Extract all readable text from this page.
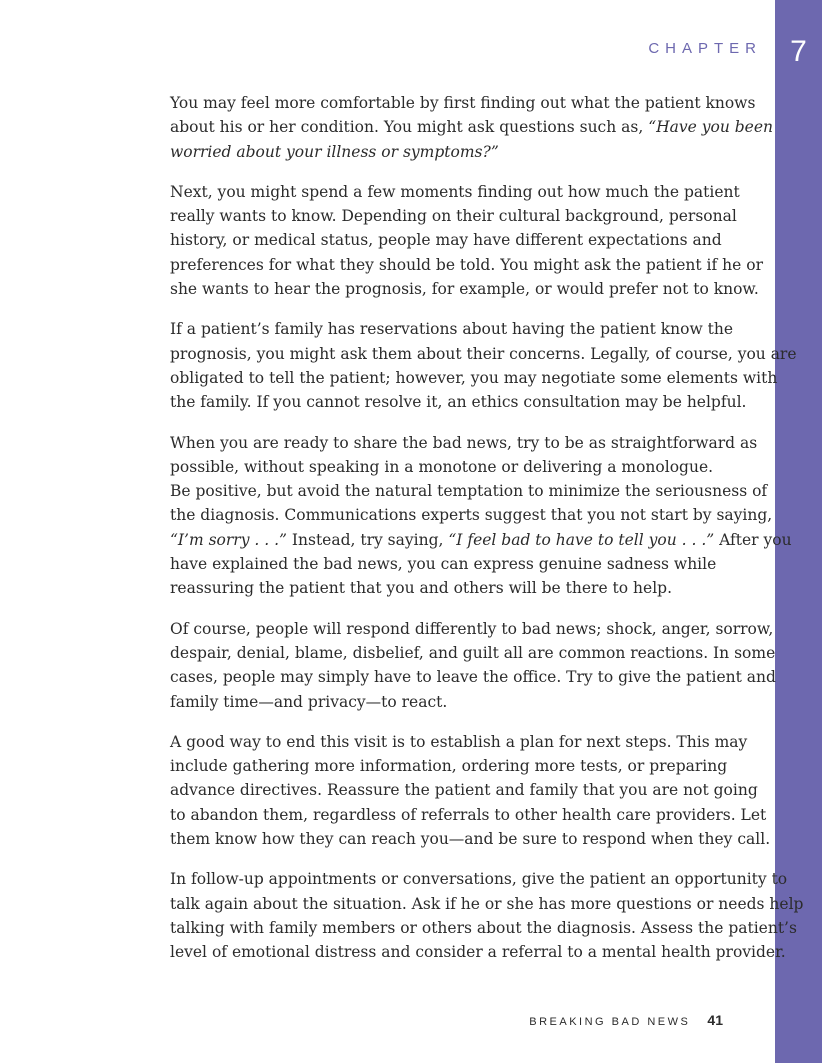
7
CHAPTER

You may feel more comfortable by first finding out what the patient knows
about his or her condition. You might ask questions such as, “Have you been
worried about your illness or symptoms?”

Next, you might spend a few moments finding out how much the patient
really wants to know. Depending on their cultural background, personal
history, or medical status, people may have different expectations and
preferences for what they should be told. You might ask the patient if he or
she wants to hear the prognosis, for example, or would prefer not to know.

If a patient’s family has reservations about having the patient know the
prognosis, you might ask them about their concerns. Legally, of course, you are
obligated to tell the patient; however, you may negotiate some elements with
the family. If you cannot resolve it, an ethics consultation may be helpful.

When you are ready to share the bad news, try to be as straightforward as
possible, without speaking in a monotone or delivering a monologue.
Be positive, but avoid the natural temptation to minimize the seriousness of
the diagnosis. Communications experts suggest that you not start by saying,
“I’m sorry . . .” Instead, try saying, “I feel bad to have to tell you . . .” After you
have explained the bad news, you can express genuine sadness while
reassuring the patient that you and others will be there to help.

Of course, people will respond differently to bad news; shock, anger, sorrow,
despair, denial, blame, disbelief, and guilt all are common reactions. In some
cases, people may simply have to leave the office. Try to give the patient and
family time—and privacy—to react.

A good way to end this visit is to establish a plan for next steps. This may
include gathering more information, ordering more tests, or preparing
advance directives. Reassure the patient and family that you are not going
to abandon them, regardless of referrals to other health care providers. Let
them know how they can reach you—and be sure to respond when they call.

In follow-up appointments or conversations, give the patient an opportunity to
talk again about the situation. Ask if he or she has more questions or needs help
talking with family members or others about the diagnosis. Assess the patient’s
level of emotional distress and consider a referral to a mental health provider.

BREAKING BAD NEWS 41
